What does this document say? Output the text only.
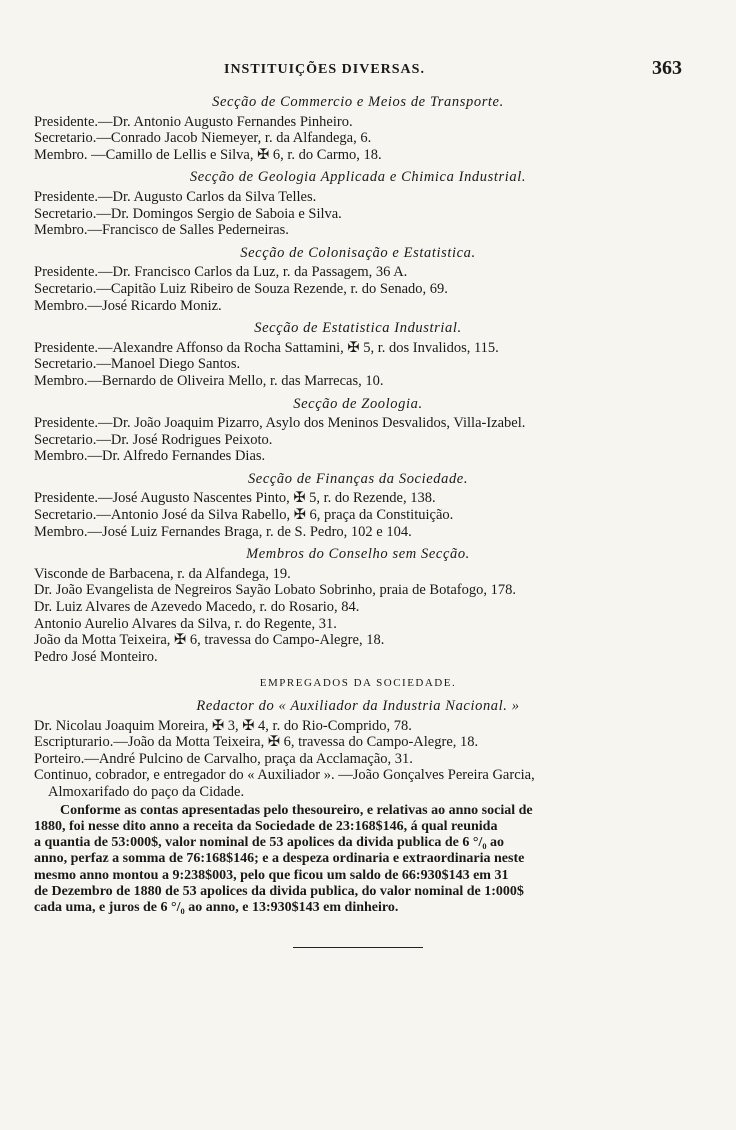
INSTITUIÇÕES DIVERSAS.	363
Secção de Commercio e Meios de Transporte.
Presidente.—Dr. Antonio Augusto Fernandes Pinheiro.
Secretario.—Conrado Jacob Niemeyer, r. da Alfandega, 6.
Membro. —Camillo de Lellis e Silva, ✠ 6, r. do Carmo, 18.
Secção de Geologia Applicada e Chimica Industrial.
Presidente.—Dr. Augusto Carlos da Silva Telles.
Secretario.—Dr. Domingos Sergio de Saboia e Silva.
Membro.—Francisco de Salles Pederneiras.
Secção de Colonisação e Estatistica.
Presidente.—Dr. Francisco Carlos da Luz, r. da Passagem, 36 A.
Secretario.—Capitão Luiz Ribeiro de Souza Rezende, r. do Senado, 69.
Membro.—José Ricardo Moniz.
Secção de Estatistica Industrial.
Presidente.—Alexandre Affonso da Rocha Sattamini, ✠ 5, r. dos Invalidos, 115.
Secretario.—Manoel Diego Santos.
Membro.—Bernardo de Oliveira Mello, r. das Marrecas, 10.
Secção de Zoologia.
Presidente.—Dr. João Joaquim Pizarro, Asylo dos Meninos Desvalidos, Villa-Izabel.
Secretario.—Dr. José Rodrigues Peixoto.
Membro.—Dr. Alfredo Fernandes Dias.
Secção de Finanças da Sociedade.
Presidente.—José Augusto Nascentes Pinto, ✠ 5, r. do Rezende, 138.
Secretario.—Antonio José da Silva Rabello, ✠ 6, praça da Constituição.
Membro.—José Luiz Fernandes Braga, r. de S. Pedro, 102 e 104.
Membros do Conselho sem Secção.
Visconde de Barbacena, r. da Alfandega, 19.
Dr. João Evangelista de Negreiros Sayão Lobato Sobrinho, praia de Botafogo, 178.
Dr. Luiz Alvares de Azevedo Macedo, r. do Rosario, 84.
Antonio Aurelio Alvares da Silva, r. do Regente, 31.
João da Motta Teixeira, ✠ 6, travessa do Campo-Alegre, 18.
Pedro José Monteiro.
EMPREGADOS DA SOCIEDADE.
Redactor do « Auxiliador da Industria Nacional. »
Dr. Nicolau Joaquim Moreira, ✠ 3, ✠ 4, r. do Rio-Comprido, 78.
Escripturario.—João da Motta Teixeira, ✠ 6, travessa do Campo-Alegre, 18.
Porteiro.—André Pulcino de Carvalho, praça da Acclamação, 31.
Continuo, cobrador, e entregador do « Auxiliador ». —João Gonçalves Pereira Garcia,
Almoxarifado do paço da Cidade.
Conforme as contas apresentadas pelo thesoureiro, e relativas ao anno social de
1880, foi nesse dito anno a receita da Sociedade de 23:168$146, á qual reunida
a quantia de 53:000$, valor nominal de 53 apolices da divida publica de 6 °/₀ ao
anno, perfaz a somma de 76:168$146; e a despeza ordinaria e extraordinaria neste
mesmo anno montou a 9:238$003, pelo que ficou um saldo de 66:930$143 em 31
de Dezembro de 1880 de 53 apolices da divida publica, do valor nominal de 1:000$
cada uma, e juros de 6 °/₀ ao anno, e 13:930$143 em dinheiro.
